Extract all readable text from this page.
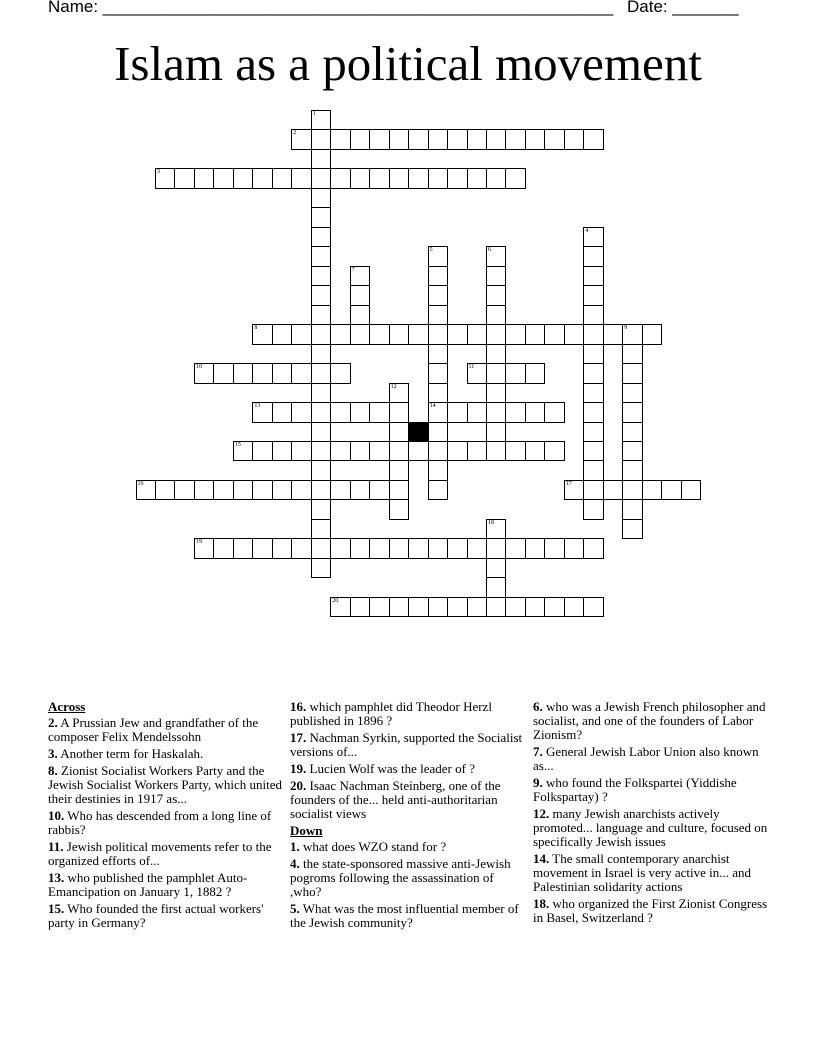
Name: ______________________________________________________ Date: _______
Islam as a political movement
1
2
3
4
5
14
6
7
8	9
10	11
12
13
15
16	17
18
19
20
Across
2. A Prussian Jew and grandfather of the composer Felix Mendelssohn
3. Another term for Haskalah.
8. Zionist Socialist Workers Party and the Jewish Socialist Workers Party, which united their destinies in 1917 as...
10. Who has descended from a long line of rabbis?
11. Jewish political movements refer to the organized efforts of...
13. who published the pamphlet Auto-Emancipation on January 1, 1882 ?
15. Who founded the first actual workers' party in Germany?
16. which pamphlet did Theodor Herzl published in 1896 ?
17. Nachman Syrkin, supported the Socialist versions of...
19. Lucien Wolf was the leader of ?
20. Isaac Nachman Steinberg, one of the founders of the... held anti-authoritarian socialist views
Down
1. what does WZO stand for ?
4. the state-sponsored massive anti-Jewish pogroms following the assassination of ,who?
5. What was the most influential member of the Jewish community?
6. who was a Jewish French philosopher and socialist, and one of the founders of Labor Zionism?
7. General Jewish Labor Union also known as...
9. who found the Folkspartei (Yiddishe Folkspartay) ?
12. many Jewish anarchists actively promoted... language and culture, focused on specifically Jewish issues
14. The small contemporary anarchist movement in Israel is very active in... and Palestinian solidarity actions
18. who organized the First Zionist Congress in Basel, Switzerland ?
